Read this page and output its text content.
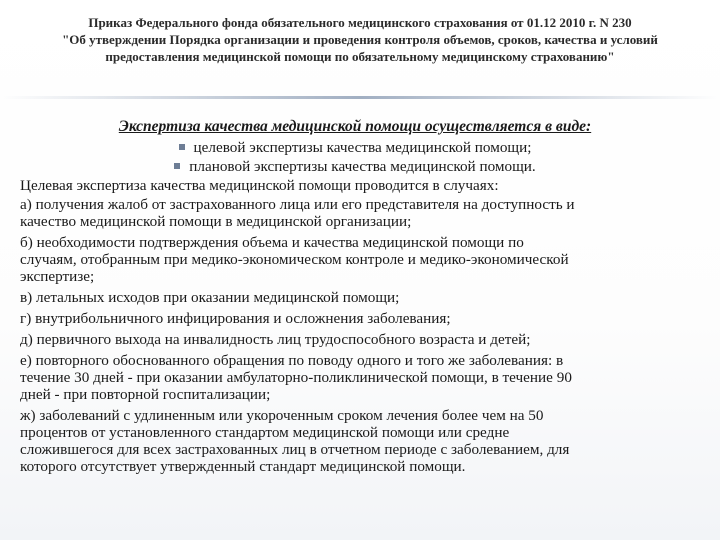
Приказ Федерального фонда обязательного медицинского страхования от 01.12 2010 г. N 230
"Об утверждении Порядка организации и проведения контроля объемов, сроков, качества и условий
предоставления медицинской помощи по обязательному медицинскому страхованию"
Экспертиза качества медицинской помощи осуществляется в виде:
целевой экспертизы качества медицинской помощи;
плановой экспертизы качества медицинской помощи.
Целевая экспертиза качества медицинской помощи проводится в случаях:
а) получения жалоб от застрахованного лица или его представителя на доступность и
качество медицинской помощи в медицинской организации;
б) необходимости подтверждения объема и качества медицинской помощи по
случаям, отобранным при медико-экономическом контроле и медико-экономической
экспертизе;
в) летальных исходов при оказании медицинской помощи;
г) внутрибольничного инфицирования и осложнения заболевания;
д) первичного выхода на инвалидность лиц трудоспособного возраста и детей;
е) повторного обоснованного обращения по поводу одного и того же заболевания: в
течение 30 дней - при оказании амбулаторно-поликлинической помощи, в течение 90
дней - при повторной госпитализации;
ж) заболеваний с удлиненным или укороченным сроком лечения более чем на 50
процентов от установленного стандартом медицинской помощи или средне
сложившегося для всех застрахованных лиц в отчетном периоде с заболеванием, для
которого отсутствует утвержденный стандарт медицинской помощи.
